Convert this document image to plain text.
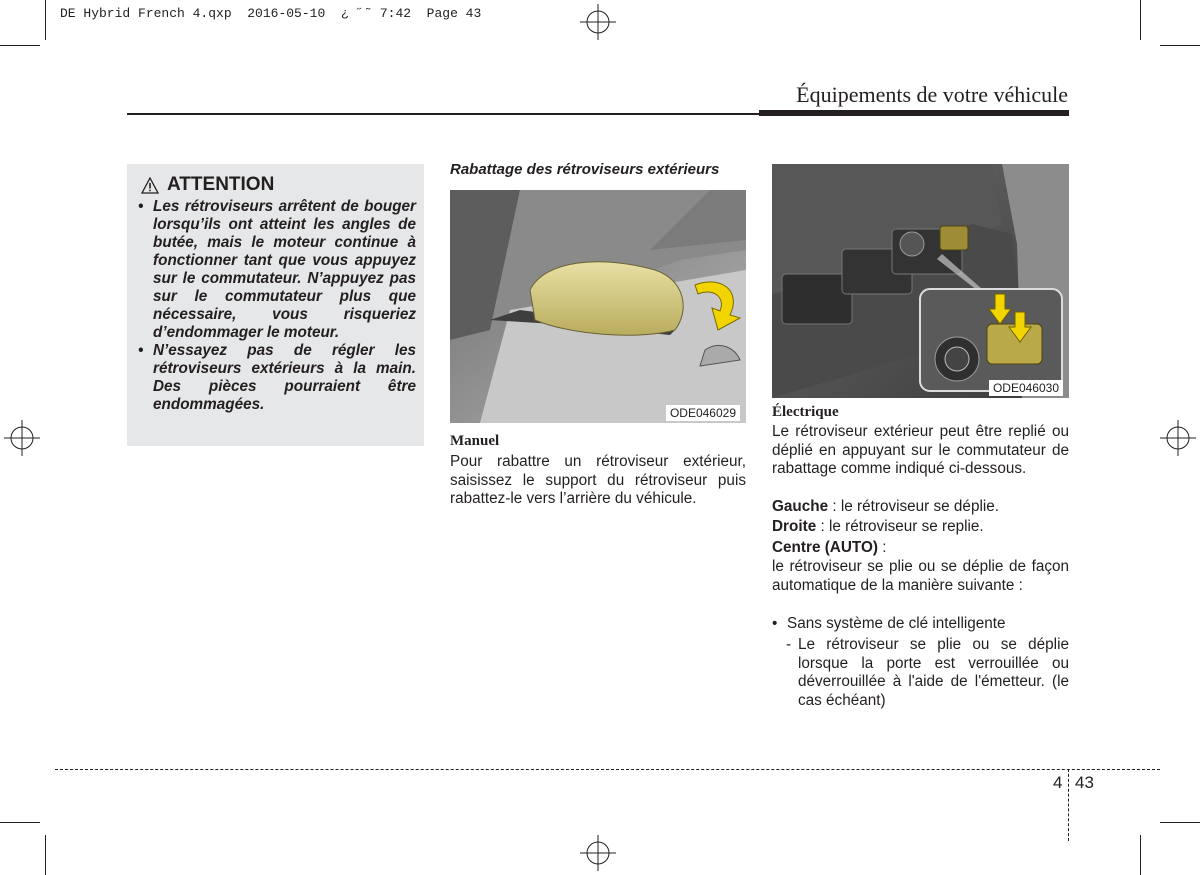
DE Hybrid French 4.qxp  2016-05-10  ¿ ˝˜ 7:42  Page 43
Équipements de votre véhicule
ATTENTION
• Les rétroviseurs arrêtent de bouger lorsqu’ils ont atteint les angles de butée, mais le moteur continue à fonctionner tant que vous appuyez sur le commutateur. N’appuyez pas sur le commutateur plus que nécessaire, vous risqueriez d’endommager le moteur.
• N’essayez pas de régler les rétroviseurs extérieurs à la main. Des pièces pourraient être endommagées.
Rabattage des rétroviseurs extérieurs
ODE046029
Manuel
Pour rabattre un rétroviseur extérieur, saisissez le support du rétroviseur puis rabattez-le vers l’arrière du véhicule.
ODE046030
Électrique
Le rétroviseur extérieur peut être replié ou déplié en appuyant sur le commutateur de rabattage comme indiqué ci-dessous.
Gauche : le rétroviseur se déplie.
Droite : le rétroviseur se replie.
Centre (AUTO) :
le rétroviseur se plie ou se déplie de façon automatique de la manière suivante :
• Sans système de clé intelligente
- Le rétroviseur se plie ou se déplie lorsque la porte est verrouillée ou déverrouillée à l'aide de l'émetteur. (le cas échéant)
4 43
